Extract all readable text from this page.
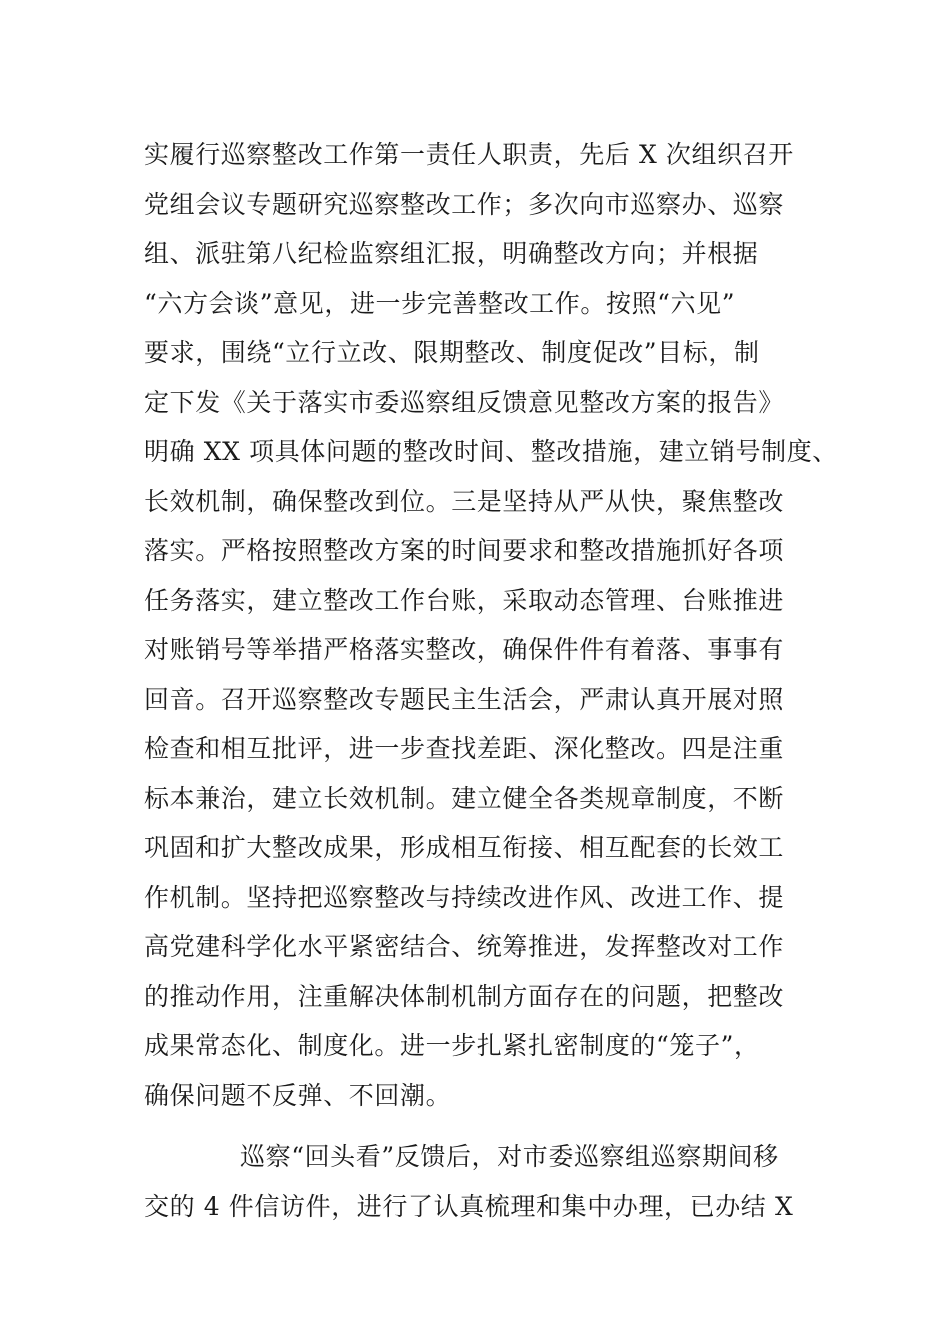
实履行巡察整改工作第一责任人职责，先后 X 次组织召开
党组会议专题研究巡察整改工作；多次向市巡察办、巡察
组、派驻第八纪检监察组汇报，明确整改方向；并根据
“六方会谈”意见，进一步完善整改工作。按照“六见”
要求，围绕“立行立改、限期整改、制度促改”目标，制
定下发《关于落实市委巡察组反馈意见整改方案的报告》
明确 XX 项具体问题的整改时间、整改措施，建立销号制度、
长效机制，确保整改到位。三是坚持从严从快，聚焦整改
落实。严格按照整改方案的时间要求和整改措施抓好各项
任务落实，建立整改工作台账，采取动态管理、台账推进
对账销号等举措严格落实整改，确保件件有着落、事事有
回音。召开巡察整改专题民主生活会，严肃认真开展对照
检查和相互批评，进一步查找差距、深化整改。四是注重
标本兼治，建立长效机制。建立健全各类规章制度，不断
巩固和扩大整改成果，形成相互衔接、相互配套的长效工
作机制。坚持把巡察整改与持续改进作风、改进工作、提
高党建科学化水平紧密结合、统筹推进，发挥整改对工作
的推动作用，注重解决体制机制方面存在的问题，把整改
成果常态化、制度化。进一步扎紧扎密制度的“笼子”，
确保问题不反弹、不回潮。
巡察“回头看”反馈后，对市委巡察组巡察期间移
交的 4 件信访件，进行了认真梳理和集中办理，已办结 X
